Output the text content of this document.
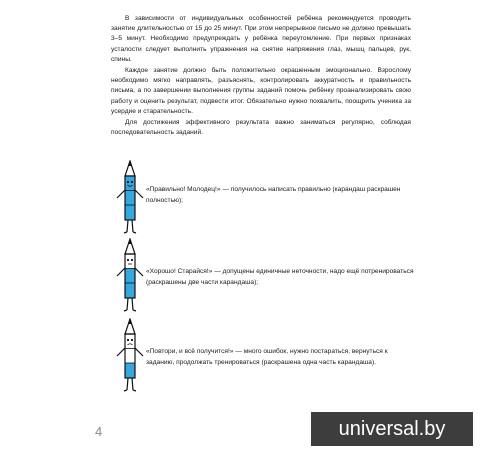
В зависимости от индивидуальных особенностей ребёнка рекомендуется проводить занятие длительностью от 15 до 25 минут. При этом непрерывное письмо не должно превышать 3–5 минут. Необходимо предупреждать у ребёнка переутомление. При первых признаках усталости следует выполнить упражнения на снятие напряжения глаз, мышц пальцев, рук, спины.

Каждое занятие должно быть положительно окрашенным эмоционально. Взрослому необходимо мягко направлять, разъяснять, контролировать аккуратность и правильность письма, а по завершении выполнения группы заданий помочь ребёнку проанализировать свою работу и оценить результат, подвести итог. Обязательно нужно похвалить, поощрить ученика за усердие и старательность.

Для достижения эффективного результата важно заниматься регулярно, соблюдая последовательность заданий.

«Правильно! Молодец!» — получилось написать правильно (карандаш раскрашен полностью);
«Хорошо! Старайся!» — допущены единичные неточности, надо ещё потренироваться (раскрашены две части карандаша);
«Повтори, и всё получится!» — много ошибок, нужно постараться, вернуться к заданию, продолжать тренироваться (раскрашена одна часть карандаша).
4	universal.by
